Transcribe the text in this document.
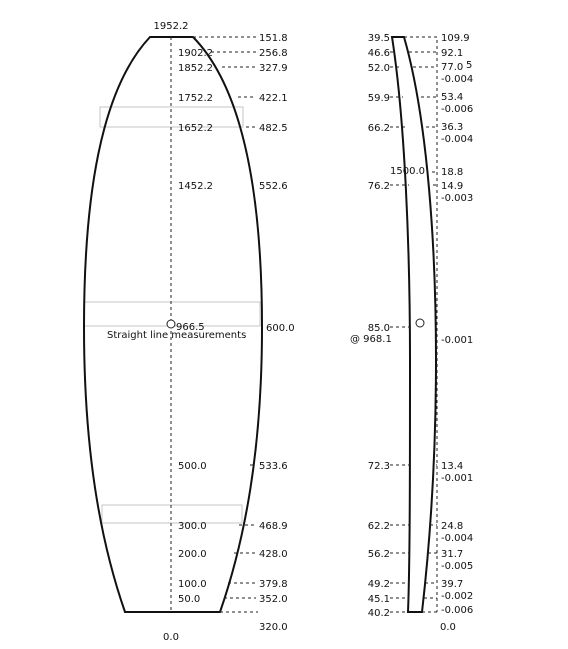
1952.2
0.0
151.8
320.0
1902.2
1852.2
1752.2
1652.2
1452.2
500.0
300.0
200.0
100.0
50.0
256.8
327.9
422.1
482.5
552.6
600.0
533.6
468.9
428.0
379.8
352.0
966.5
Straight line measurements
39.5
46.6
52.0
59.9
66.2
76.2
85.0
72.3
62.2
56.2
49.2
45.1
40.2
1500.0
@ 968.1
109.9
92.1
77.0 5
-0.004
53.4
-0.006
36.3
-0.004
18.8
14.9
-0.003
-0.001
13.4
-0.001
24.8
-0.004
31.7
-0.005
39.7
-0.002
-0.006
0.0
